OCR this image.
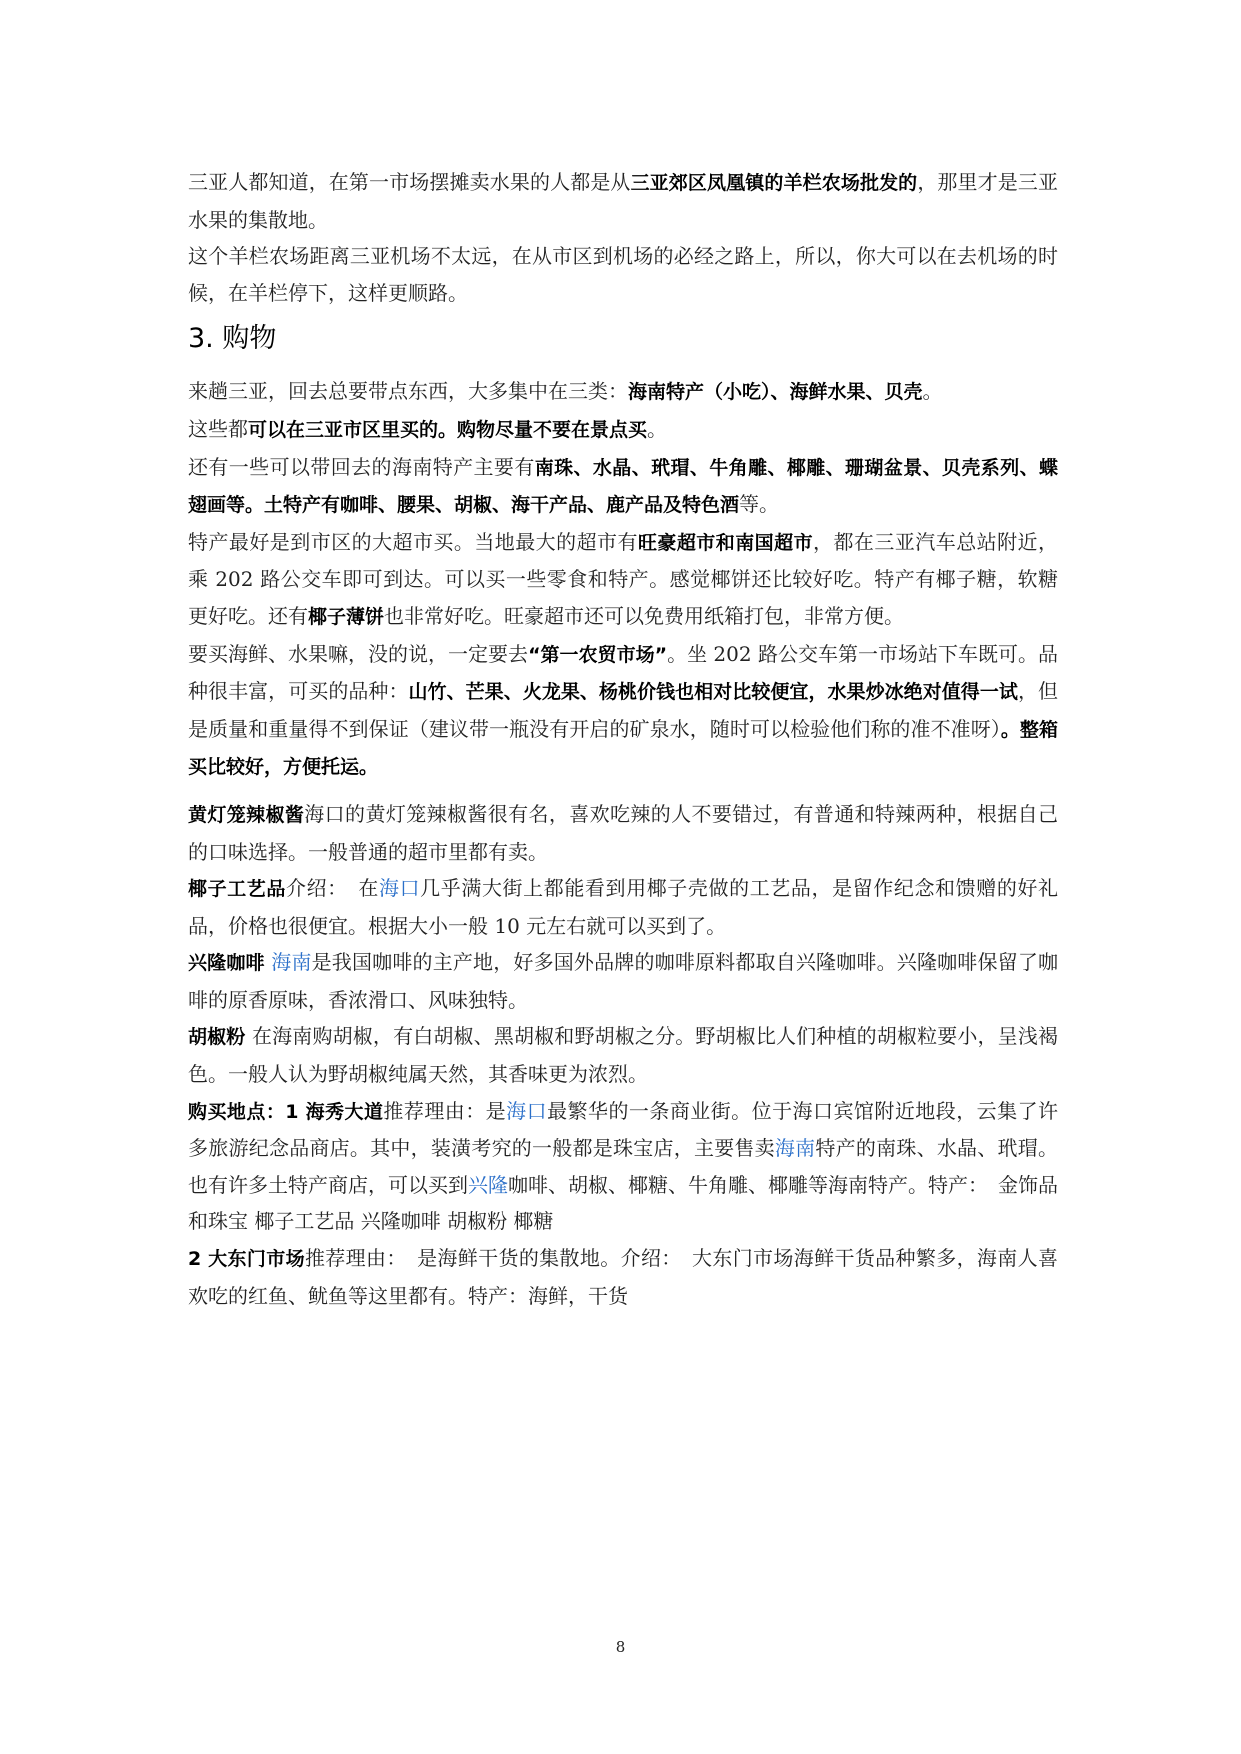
三亚人都知道，在第一市场摆摊卖水果的人都是从三亚郊区凤凰镇的羊栏农场批发的，那里才是三亚水果的集散地。

这个羊栏农场距离三亚机场不太远，在从市区到机场的必经之路上，所以，你大可以在去机场的时候，在羊栏停下，这样更顺路。

3. 购物

来趟三亚，回去总要带点东西，大多集中在三类：海南特产（小吃）、海鲜水果、贝壳。

这些都可以在三亚市区里买的。购物尽量不要在景点买。

还有一些可以带回去的海南特产主要有南珠、水晶、玳瑁、牛角雕、椰雕、珊瑚盆景、贝壳系列、蝶翅画等。土特产有咖啡、腰果、胡椒、海干产品、鹿产品及特色酒等。

特产最好是到市区的大超市买。当地最大的超市有旺豪超市和南国超市，都在三亚汽车总站附近，乘 202 路公交车即可到达。可以买一些零食和特产。感觉椰饼还比较好吃。特产有椰子糖，软糖更好吃。还有椰子薄饼也非常好吃。旺豪超市还可以免费用纸箱打包，非常方便。

要买海鲜、水果嘛，没的说，一定要去“第一农贸市场”。坐 202 路公交车第一市场站下车既可。品种很丰富，可买的品种：山竹、芒果、火龙果、杨桃价钱也相对比较便宜，水果炒冰绝对值得一试，但是质量和重量得不到保证（建议带一瓶没有开启的矿泉水，随时可以检验他们称的准不准呀）。整箱买比较好，方便托运。

黄灯笼辣椒酱海口的黄灯笼辣椒酱很有名，喜欢吃辣的人不要错过，有普通和特辣两种，根据自己的口味选择。一般普通的超市里都有卖。

椰子工艺品介绍：　在海口几乎满大街上都能看到用椰子壳做的工艺品，是留作纪念和馈赠的好礼品，价格也很便宜。根据大小一般 10 元左右就可以买到了。

兴隆咖啡 海南是我国咖啡的主产地，好多国外品牌的咖啡原料都取自兴隆咖啡。兴隆咖啡保留了咖啡的原香原味，香浓滑口、风味独特。

胡椒粉 在海南购胡椒，有白胡椒、黑胡椒和野胡椒之分。野胡椒比人们种植的胡椒粒要小，呈浅褐色。一般人认为野胡椒纯属天然，其香味更为浓烈。

购买地点：1 海秀大道推荐理由：是海口最繁华的一条商业街。位于海口宾馆附近地段，云集了许多旅游纪念品商店。其中，装潢考究的一般都是珠宝店，主要售卖海南特产的南珠、水晶、玳瑁。也有许多土特产商店，可以买到兴隆咖啡、胡椒、椰糖、牛角雕、椰雕等海南特产。特产：　金饰品和珠宝 椰子工艺品 兴隆咖啡 胡椒粉 椰糖

2 大东门市场推荐理由：　是海鲜干货的集散地。介绍：　大东门市场海鲜干货品种繁多，海南人喜欢吃的红鱼、鱿鱼等这里都有。特产：海鲜，干货

8
